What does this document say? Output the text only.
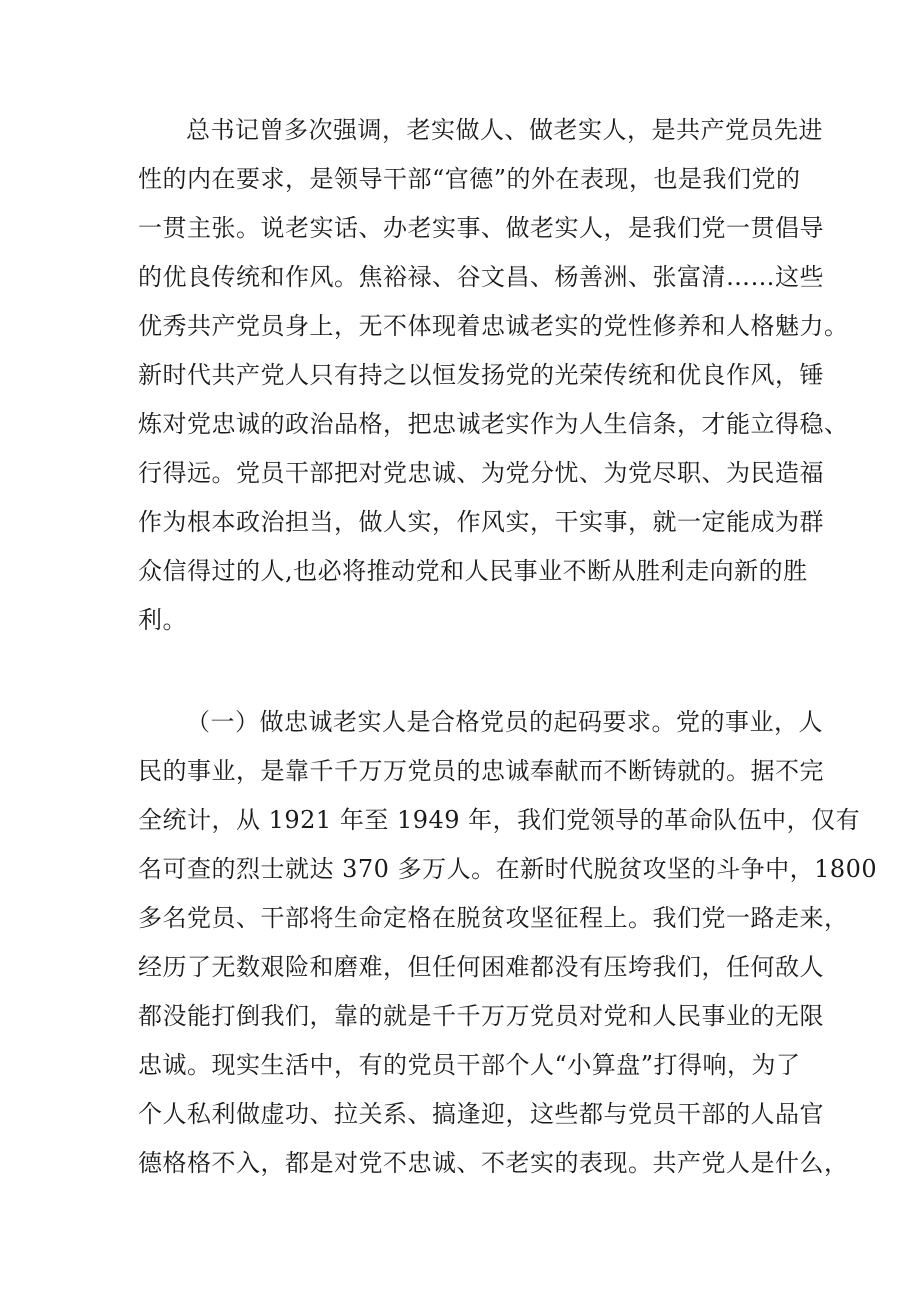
总书记曾多次强调，老实做人、做老实人，是共产党员先进
性的内在要求，是领导干部“官德”的外在表现，也是我们党的
一贯主张。说老实话、办老实事、做老实人，是我们党一贯倡导
的优良传统和作风。焦裕禄、谷文昌、杨善洲、张富清……这些
优秀共产党员身上，无不体现着忠诚老实的党性修养和人格魅力。
新时代共产党人只有持之以恒发扬党的光荣传统和优良作风，锤
炼对党忠诚的政治品格，把忠诚老实作为人生信条，才能立得稳、
行得远。党员干部把对党忠诚、为党分忧、为党尽职、为民造福
作为根本政治担当，做人实，作风实，干实事，就一定能成为群
众信得过的人,也必将推动党和人民事业不断从胜利走向新的胜
利。
（一）做忠诚老实人是合格党员的起码要求。党的事业，人
民的事业，是靠千千万万党员的忠诚奉献而不断铸就的。据不完
全统计，从 1921 年至 1949 年，我们党领导的革命队伍中，仅有
名可查的烈士就达 370 多万人。在新时代脱贫攻坚的斗争中，1800
多名党员、干部将生命定格在脱贫攻坚征程上。我们党一路走来，
经历了无数艰险和磨难，但任何困难都没有压垮我们，任何敌人
都没能打倒我们，靠的就是千千万万党员对党和人民事业的无限
忠诚。现实生活中，有的党员干部个人“小算盘”打得响，为了
个人私利做虚功、拉关系、搞逢迎，这些都与党员干部的人品官
德格格不入，都是对党不忠诚、不老实的表现。共产党人是什么，
